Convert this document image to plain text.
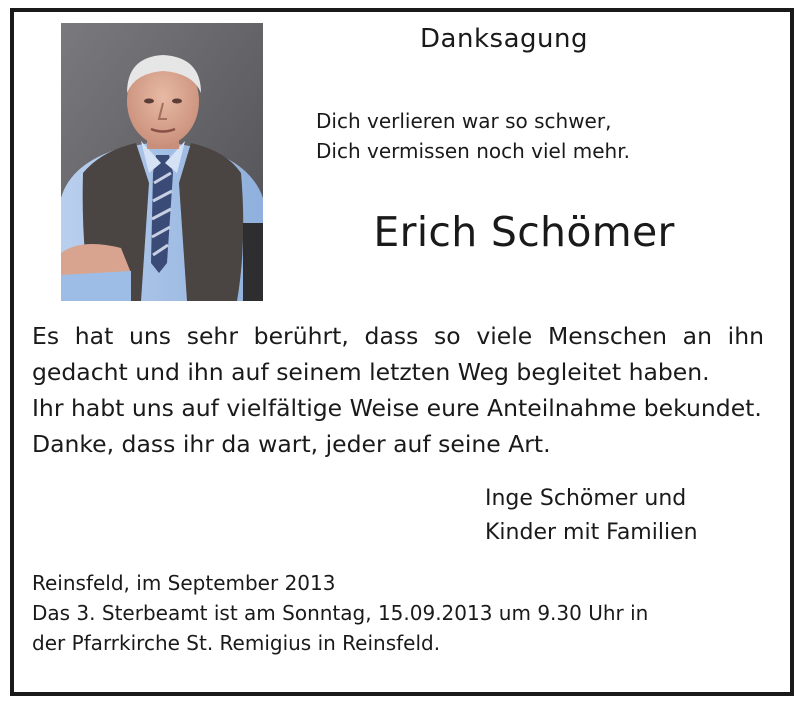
Danksagung
Dich verlieren war so schwer,
Dich vermissen noch viel mehr.
Erich Schömer
Es hat uns sehr berührt, dass so viele Menschen an ihn
gedacht und ihn auf seinem letzten Weg begleitet haben.
Ihr habt uns auf vielfältige Weise eure Anteilnahme bekundet.
Danke, dass ihr da wart, jeder auf seine Art.
Inge Schömer und
Kinder mit Familien
Reinsfeld, im September 2013
Das 3. Sterbeamt ist am Sonntag, 15.09.2013 um 9.30 Uhr in
der Pfarrkirche St. Remigius in Reinsfeld.
